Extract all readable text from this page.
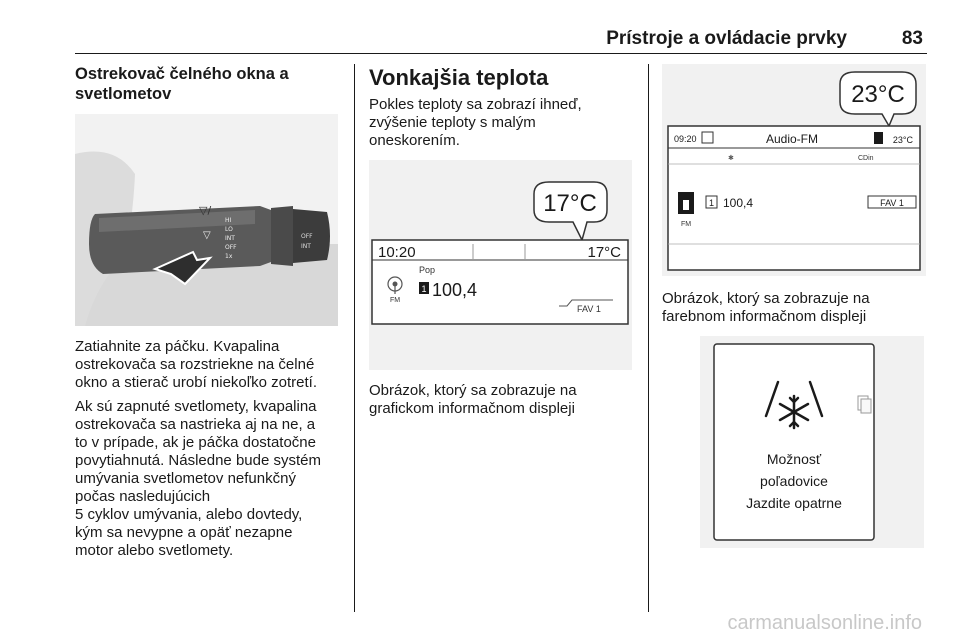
Prístroje a ovládacie prvky	83
Ostrekovač čelného okna a
svetlometov
▽/
▽
HI
LO
INT
OFF
1x
OFF
INT

Zatiahnite za páčku. Kvapalina
ostrekovača sa rozstriekne na čelné
okno a stierač urobí niekoľko zotretí.

Ak sú zapnuté svetlomety, kvapalina
ostrekovača sa nastrieka aj na ne, a
to v prípade, ak je páčka dostatočne
povytiahnutá. Následne bude systém
umývania svetlometov nefunkčný
počas nasledujúcich
5 cyklov umývania, alebo dovtedy,
kým sa nevypne a opäť nezapne
motor alebo svetlomety.

Vonkajšia teplota

Pokles teploty sa zobrazí ihneď,
zvýšenie teploty s malým
oneskorením.

17°C
10:20	17°C
FM
Pop
1 100,4
FAV 1

Obrázok, ktorý sa zobrazuje na
grafickom informačnom displeji

23°C
09:20	Audio-FM	23°C
✱	CDin
FM
1 100,4	FAV 1

Obrázok, ktorý sa zobrazuje na
farebnom informačnom displeji

Možnosť
poľadovice
Jazdite opatrne
carmanualsonline.info
